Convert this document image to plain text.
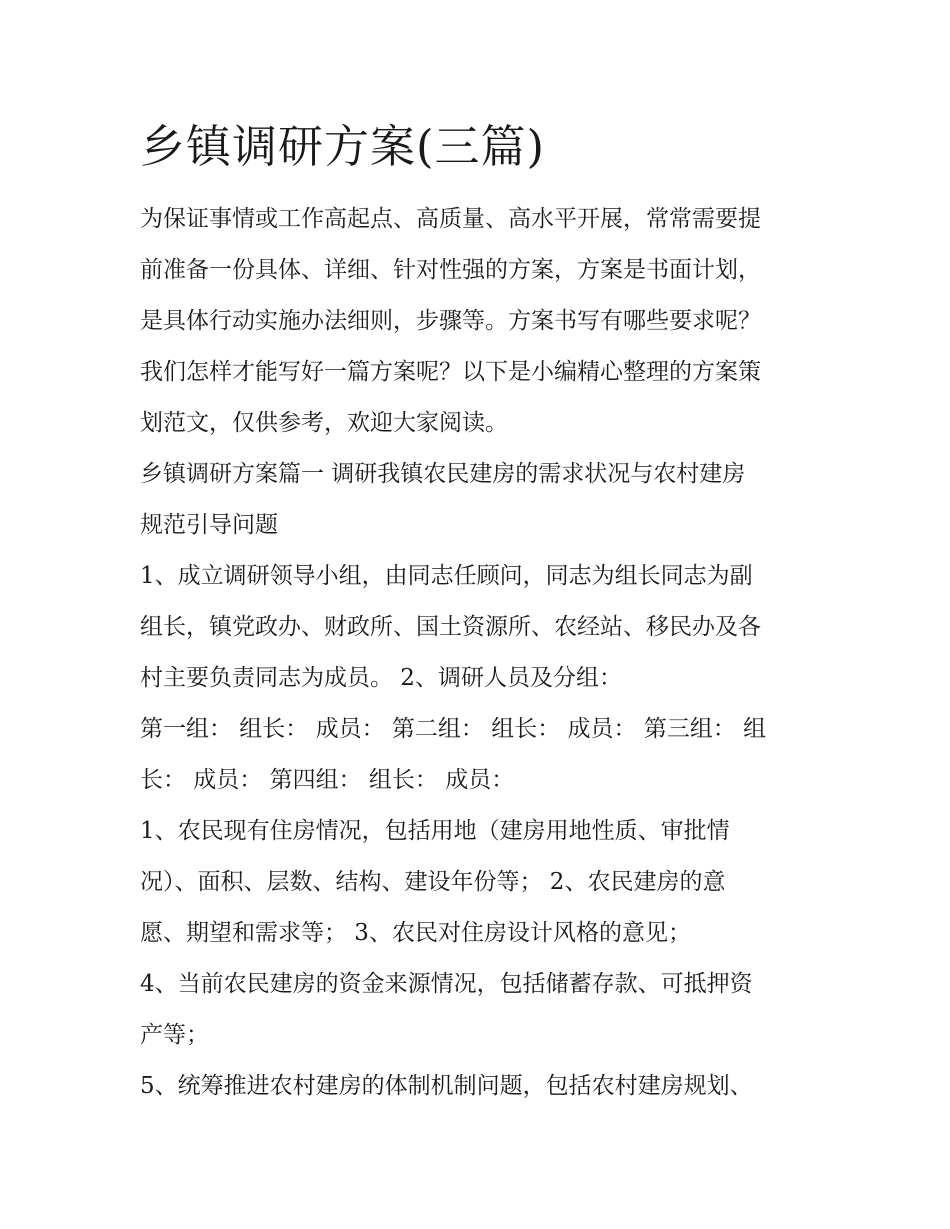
乡镇调研方案(三篇)

为保证事情或工作高起点、高质量、高水平开展，常常需要提

前准备一份具体、详细、针对性强的方案，方案是书面计划，

是具体行动实施办法细则，步骤等。方案书写有哪些要求呢？

我们怎样才能写好一篇方案呢？以下是小编精心整理的方案策

划范文，仅供参考，欢迎大家阅读。

乡镇调研方案篇一 调研我镇农民建房的需求状况与农村建房

规范引导问题

1、成立调研领导小组，由同志任顾问，同志为组长同志为副

组长，镇党政办、财政所、国土资源所、农经站、移民办及各

村主要负责同志为成员。 2、调研人员及分组：

第一组： 组长： 成员： 第二组： 组长： 成员： 第三组： 组

长： 成员： 第四组： 组长： 成员：

1、农民现有住房情况，包括用地（建房用地性质、审批情

况）、面积、层数、结构、建设年份等； 2、农民建房的意

愿、期望和需求等； 3、农民对住房设计风格的意见；

4、当前农民建房的资金来源情况，包括储蓄存款、可抵押资

产等；

5、统筹推进农村建房的体制机制问题，包括农村建房规划、
